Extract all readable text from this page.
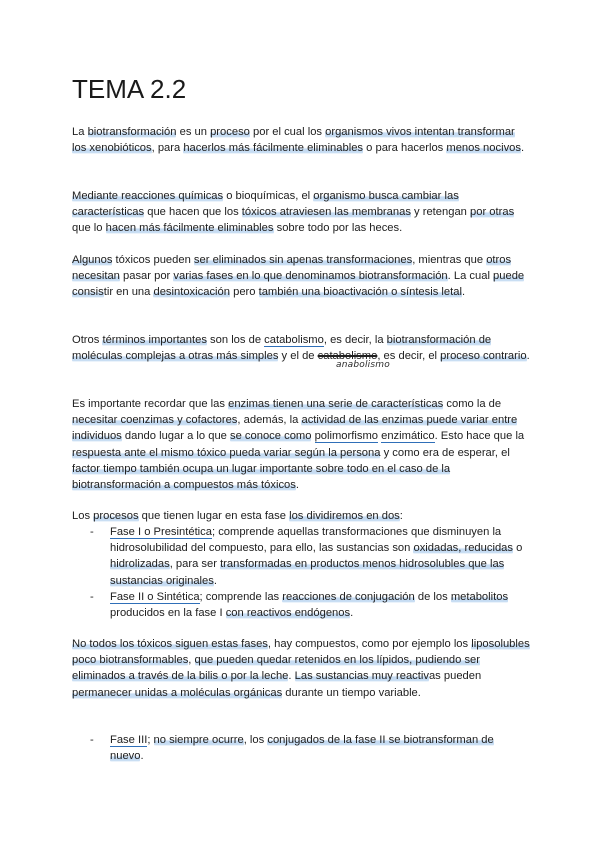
TEMA 2.2

La biotransformación es un proceso por el cual los organismos vivos intentan transformar los xenobióticos, para hacerlos más fácilmente eliminables o para hacerlos menos nocivos.

Mediante reacciones químicas o bioquímicas, el organismo busca cambiar las características que hacen que los tóxicos atraviesen las membranas y retengan por otras que lo hacen más fácilmente eliminables sobre todo por las heces.

Algunos tóxicos pueden ser eliminados sin apenas transformaciones, mientras que otros necesitan pasar por varias fases en lo que denominamos biotransformación. La cual puede consistir en una desintoxicación pero también una bioactivación o síntesis letal.

Otros términos importantes son los de catabolismo, es decir, la biotransformación de moléculas complejas a otras más simples y el de catabolismo, es decir, el proceso contrario.

anabolismo

Es importante recordar que las enzimas tienen una serie de características como la de necesitar coenzimas y cofactores, además, la actividad de las enzimas puede variar entre individuos dando lugar a lo que se conoce como polimorfismo enzimático. Esto hace que la respuesta ante el mismo tóxico pueda variar según la persona y como era de esperar, el factor tiempo también ocupa un lugar importante sobre todo en el caso de la biotransformación a compuestos más tóxicos.

Los procesos que tienen lugar en esta fase los dividiremos en dos:

- Fase I o Presintética; comprende aquellas transformaciones que disminuyen la hidrosolubilidad del compuesto, para ello, las sustancias son oxidadas, reducidas o hidrolizadas, para ser transformadas en productos menos hidrosolubles que las sustancias originales.
- Fase II o Sintética; comprende las reacciones de conjugación de los metabolitos producidos en la fase I con reactivos endógenos.

No todos los tóxicos siguen estas fases, hay compuestos, como por ejemplo los liposolubles poco biotransformables, que pueden quedar retenidos en los lípidos, pudiendo ser eliminados a través de la bilis o por la leche. Las sustancias muy reactivas pueden permanecer unidas a moléculas orgánicas durante un tiempo variable.

- Fase III; no siempre ocurre, los conjugados de la fase II se biotransforman de nuevo.
